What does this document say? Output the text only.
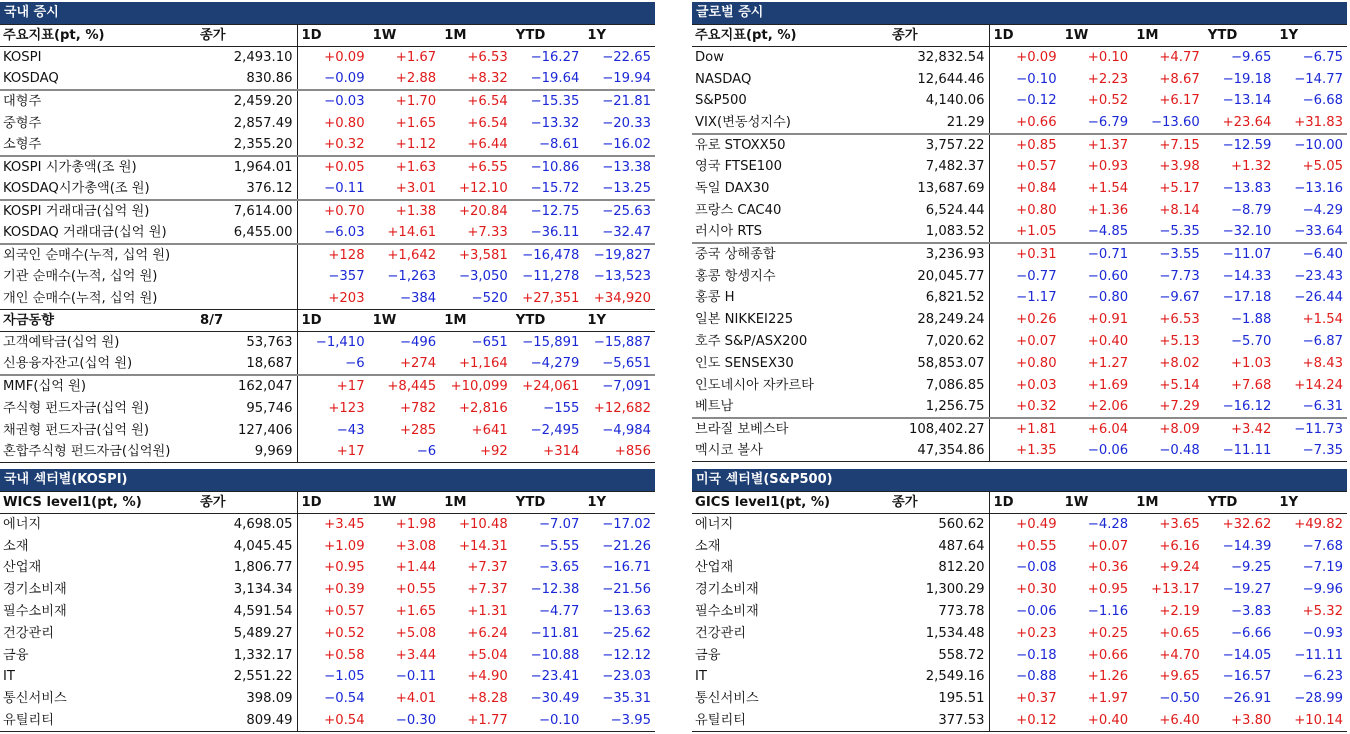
국내 증시
주요지표(pt, %)	종가	1D	1W	1M	YTD	1Y
KOSPI	2,493.10	+0.09	+1.67	+6.53	−16.27	−22.65
KOSDAQ	830.86	−0.09	+2.88	+8.32	−19.64	−19.94
대형주	2,459.20	−0.03	+1.70	+6.54	−15.35	−21.81
중형주	2,857.49	+0.80	+1.65	+6.54	−13.32	−20.33
소형주	2,355.20	+0.32	+1.12	+6.44	−8.61	−16.02
KOSPI 시가총액(조 원)	1,964.01	+0.05	+1.63	+6.55	−10.86	−13.38
KOSDAQ시가총액(조 원)	376.12	−0.11	+3.01	+12.10	−15.72	−13.25
KOSPI 거래대금(십억 원)	7,614.00	+0.70	+1.38	+20.84	−12.75	−25.63
KOSDAQ 거래대금(십억 원)	6,455.00	−6.03	+14.61	+7.33	−36.11	−32.47
외국인 순매수(누적, 십억 원)		+128	+1,642	+3,581	−16,478	−19,827
기관 순매수(누적, 십억 원)		−357	−1,263	−3,050	−11,278	−13,523
개인 순매수(누적, 십억 원)		+203	−384	−520	+27,351	+34,920
자금동향	8/7	1D	1W	1M	YTD	1Y
고객예탁금(십억 원)	53,763	−1,410	−496	−651	−15,891	−15,887
신용융자잔고(십억 원)	18,687	−6	+274	+1,164	−4,279	−5,651
MMF(십억 원)	162,047	+17	+8,445	+10,099	+24,061	−7,091
주식형 펀드자금(십억 원)	95,746	+123	+782	+2,816	−155	+12,682
채권형 펀드자금(십억 원)	127,406	−43	+285	+641	−2,495	−4,984
혼합주식형 펀드자금(십억원)	9,969	+17	−6	+92	+314	+856
글로벌 증시
주요지표(pt, %)	종가	1D	1W	1M	YTD	1Y
Dow	32,832.54	+0.09	+0.10	+4.77	−9.65	−6.75
NASDAQ	12,644.46	−0.10	+2.23	+8.67	−19.18	−14.77
S&P500	4,140.06	−0.12	+0.52	+6.17	−13.14	−6.68
VIX(변동성지수)	21.29	+0.66	−6.79	−13.60	+23.64	+31.83
유로 STOXX50	3,757.22	+0.85	+1.37	+7.15	−12.59	−10.00
영국 FTSE100	7,482.37	+0.57	+0.93	+3.98	+1.32	+5.05
독일 DAX30	13,687.69	+0.84	+1.54	+5.17	−13.83	−13.16
프랑스 CAC40	6,524.44	+0.80	+1.36	+8.14	−8.79	−4.29
러시아 RTS	1,083.52	+1.05	−4.85	−5.35	−32.10	−33.64
중국 상해종합	3,236.93	+0.31	−0.71	−3.55	−11.07	−6.40
홍콩 항셍지수	20,045.77	−0.77	−0.60	−7.73	−14.33	−23.43
홍콩 H	6,821.52	−1.17	−0.80	−9.67	−17.18	−26.44
일본 NIKKEI225	28,249.24	+0.26	+0.91	+6.53	−1.88	+1.54
호주 S&P/ASX200	7,020.62	+0.07	+0.40	+5.13	−5.70	−6.87
인도 SENSEX30	58,853.07	+0.80	+1.27	+8.02	+1.03	+8.43
인도네시아 자카르타	7,086.85	+0.03	+1.69	+5.14	+7.68	+14.24
베트남	1,256.75	+0.32	+2.06	+7.29	−16.12	−6.31
브라질 보베스타	108,402.27	+1.81	+6.04	+8.09	+3.42	−11.73
멕시코 볼사	47,354.86	+1.35	−0.06	−0.48	−11.11	−7.35
국내 섹터별(KOSPI)
WICS level1(pt, %)	종가	1D	1W	1M	YTD	1Y
에너지	4,698.05	+3.45	+1.98	+10.48	−7.07	−17.02
소재	4,045.45	+1.09	+3.08	+14.31	−5.55	−21.26
산업재	1,806.77	+0.95	+1.44	+7.37	−3.65	−16.71
경기소비재	3,134.34	+0.39	+0.55	+7.37	−12.38	−21.56
필수소비재	4,591.54	+0.57	+1.65	+1.31	−4.77	−13.63
건강관리	5,489.27	+0.52	+5.08	+6.24	−11.81	−25.62
금융	1,332.17	+0.58	+3.44	+5.04	−10.88	−12.12
IT	2,551.22	−1.05	−0.11	+4.90	−23.41	−23.03
통신서비스	398.09	−0.54	+4.01	+8.28	−30.49	−35.31
유틸리티	809.49	+0.54	−0.30	+1.77	−0.10	−3.95
미국 섹터별(S&P500)
GICS level1(pt, %)	종가	1D	1W	1M	YTD	1Y
에너지	560.62	+0.49	−4.28	+3.65	+32.62	+49.82
소재	487.64	+0.55	+0.07	+6.16	−14.39	−7.68
산업재	812.20	−0.08	+0.36	+9.24	−9.25	−7.19
경기소비재	1,300.29	+0.30	+0.95	+13.17	−19.27	−9.96
필수소비재	773.78	−0.06	−1.16	+2.19	−3.83	+5.32
건강관리	1,534.48	+0.23	+0.25	+0.65	−6.66	−0.93
금융	558.72	−0.18	+0.66	+4.70	−14.05	−11.11
IT	2,549.16	−0.88	+1.26	+9.65	−16.57	−6.23
통신서비스	195.51	+0.37	+1.97	−0.50	−26.91	−28.99
유틸리티	377.53	+0.12	+0.40	+6.40	+3.80	+10.14
